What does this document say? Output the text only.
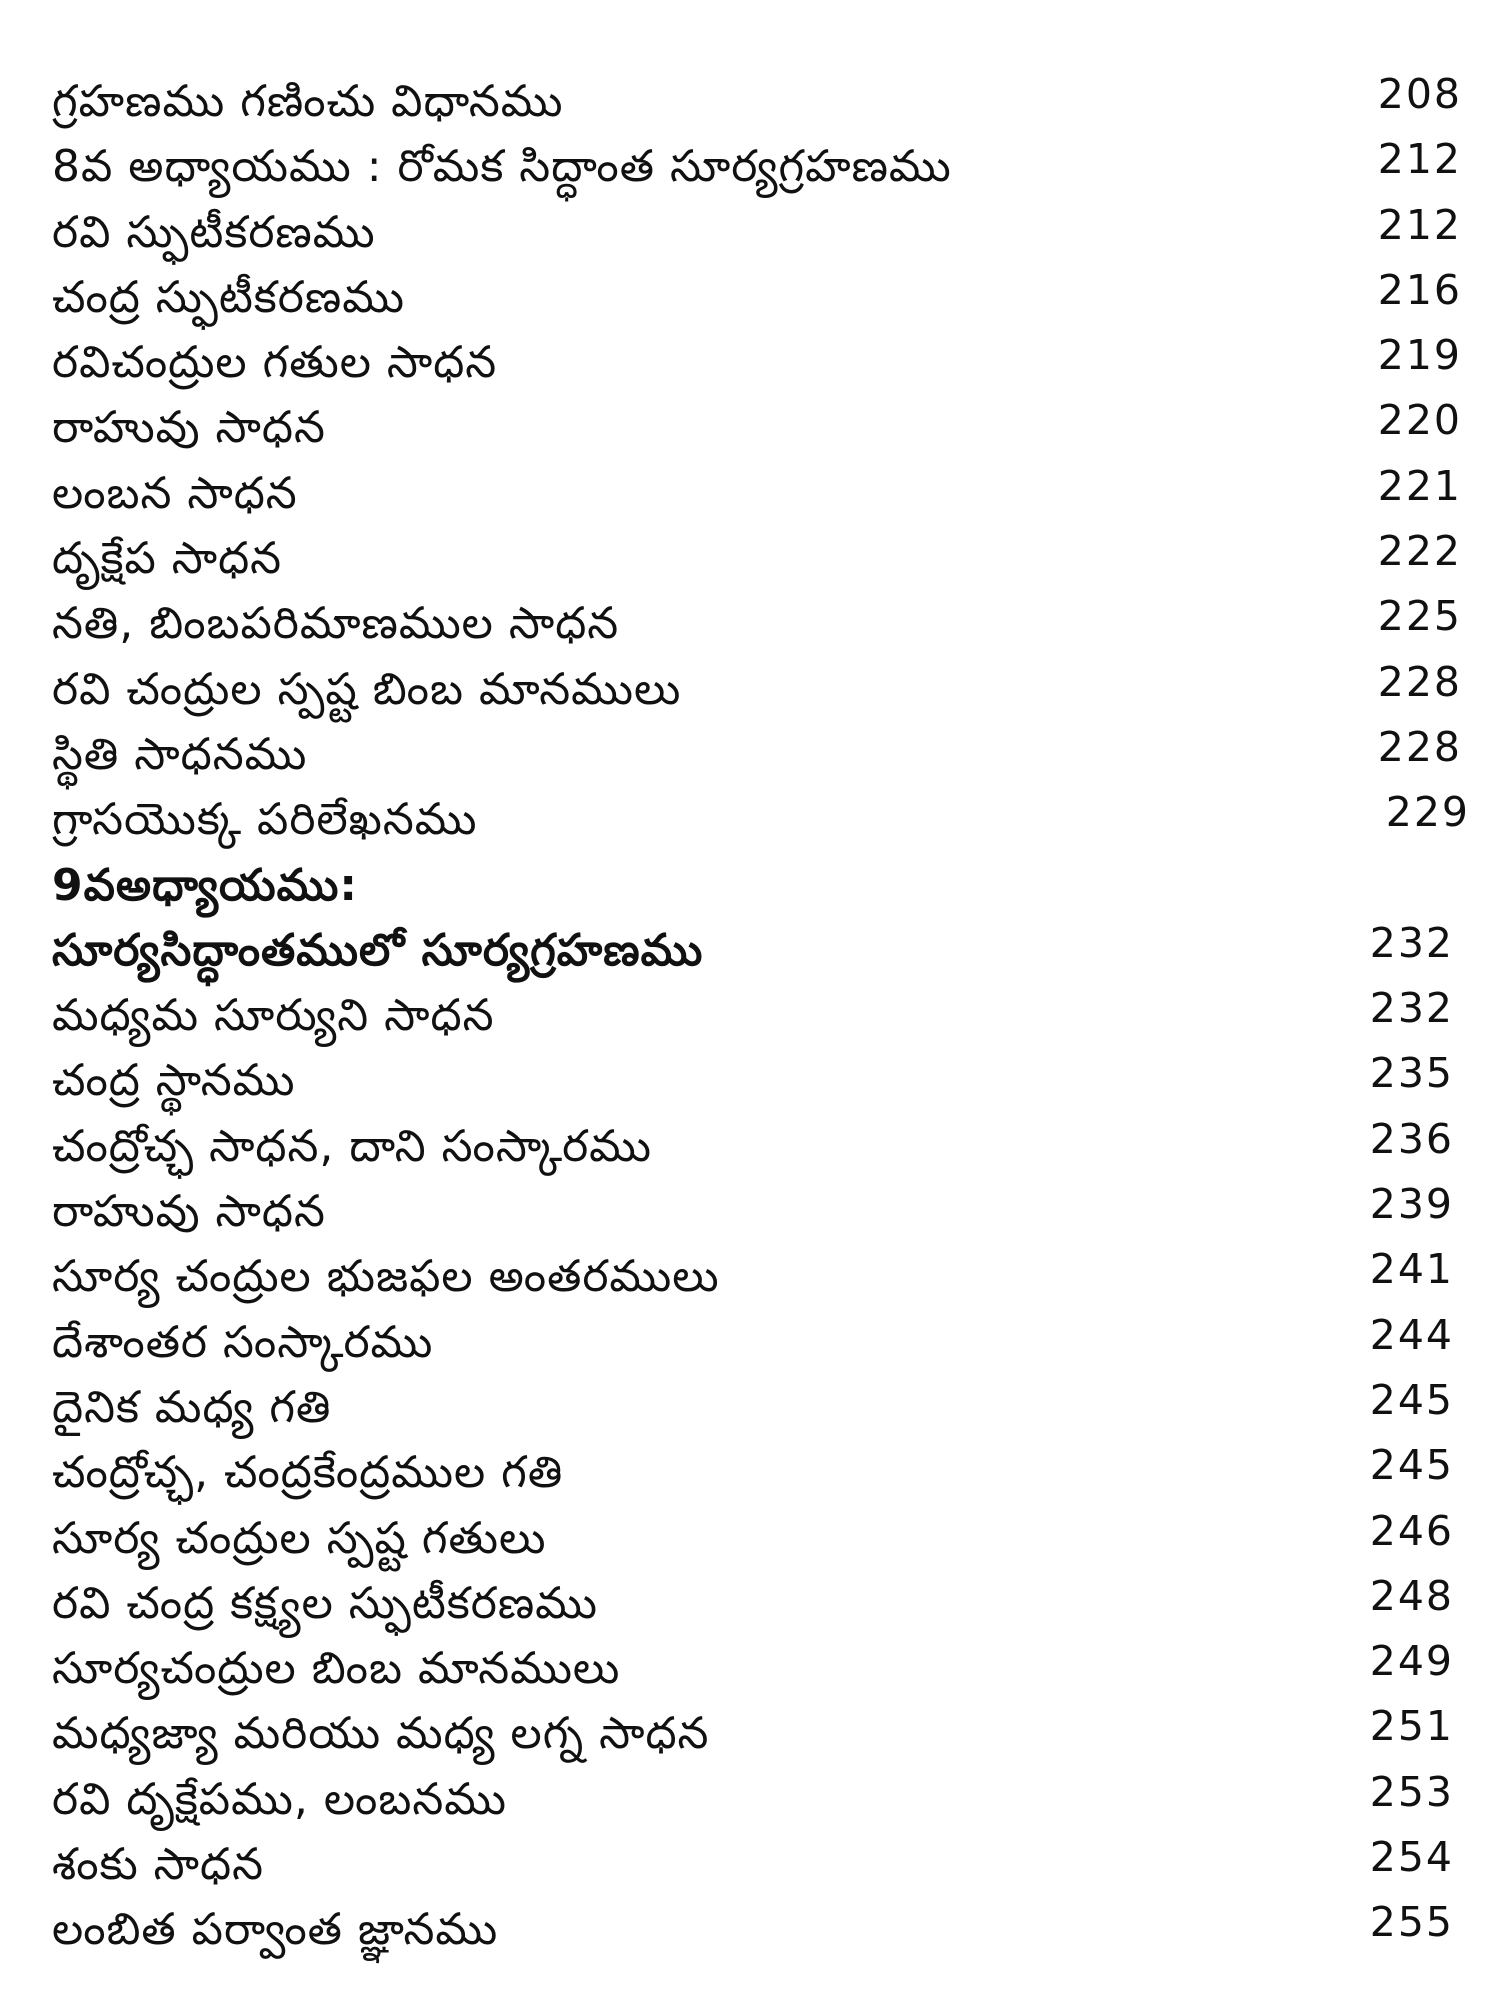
గ్రహణము గణించు విధానము	208
8వ అధ్యాయము : రోమక సిద్ధాంత సూర్యగ్రహణము	212
రవి స్ఫుటీకరణము	212
చంద్ర స్ఫుటీకరణము	216
రవిచంద్రుల గతుల సాధన	219
రాహువు సాధన	220
లంబన సాధన	221
దృక్షేప సాధన	222
నతి, బింబపరిమాణముల సాధన	225
రవి చంద్రుల స్పష్ట బింబ మానములు	228
స్థితి సాధనము	228
గ్రాసయొక్క పరిలేఖనము	229
9వఅధ్యాయము:
సూర్యసిద్ధాంతములో సూర్యగ్రహణము	232
మధ్యమ సూర్యుని సాధన	232
చంద్ర స్థానము	235
చంద్రోచ్ఛ సాధన, దాని సంస్కారము	236
రాహువు సాధన	239
సూర్య చంద్రుల భుజఫల అంతరములు	241
దేశాంతర సంస్కారము	244
దైనిక మధ్య గతి	245
చంద్రోచ్ఛ, చంద్రకేంద్రముల గతి	245
సూర్య చంద్రుల స్పష్ట గతులు	246
రవి చంద్ర కక్ష్యల స్ఫుటీకరణము	248
సూర్యచంద్రుల బింబ మానములు	249
మధ్యజ్యా మరియు మధ్య లగ్న సాధన	251
రవి దృక్షేపము, లంబనము	253
శంకు సాధన	254
లంబిత పర్వాంత జ్ఞానము	255
